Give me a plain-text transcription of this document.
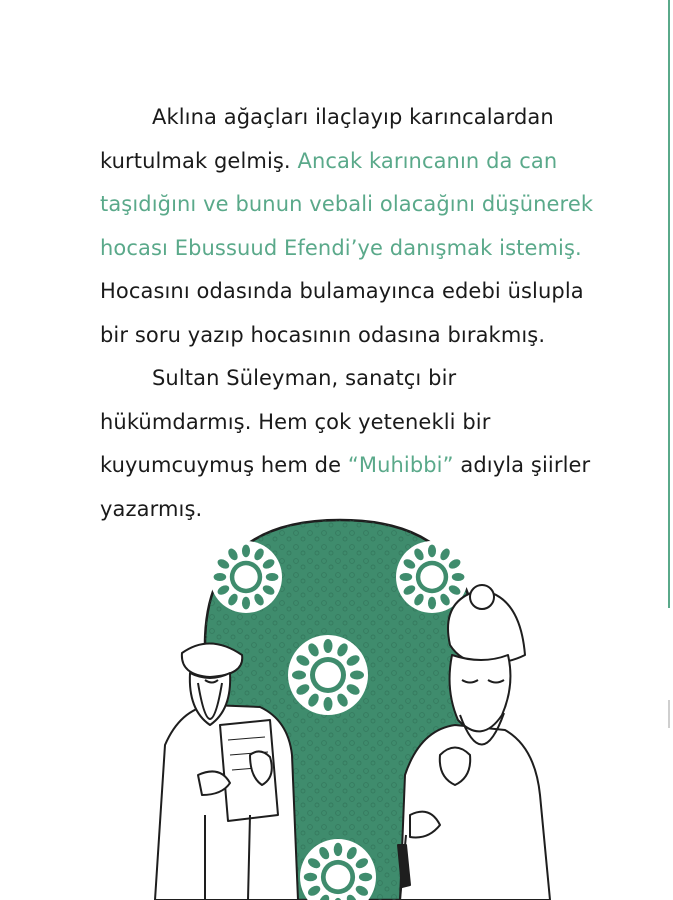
Aklına ağaçları ilaçlayıp karıncalardan
kurtulmak gelmiş. Ancak karıncanın da can
taşıdığını ve bunun vebali olacağını düşünerek
hocası Ebussuud Efendi’ye danışmak istemiş.
Hocasını odasında bulamayınca edebi üslupla
bir soru yazıp hocasının odasına bırakmış.
Sultan Süleyman, sanatçı bir
hükümdarmış. Hem çok yetenekli bir
kuyumcuymuş hem de “Muhibbi” adıyla şiirler
yazarmış.
